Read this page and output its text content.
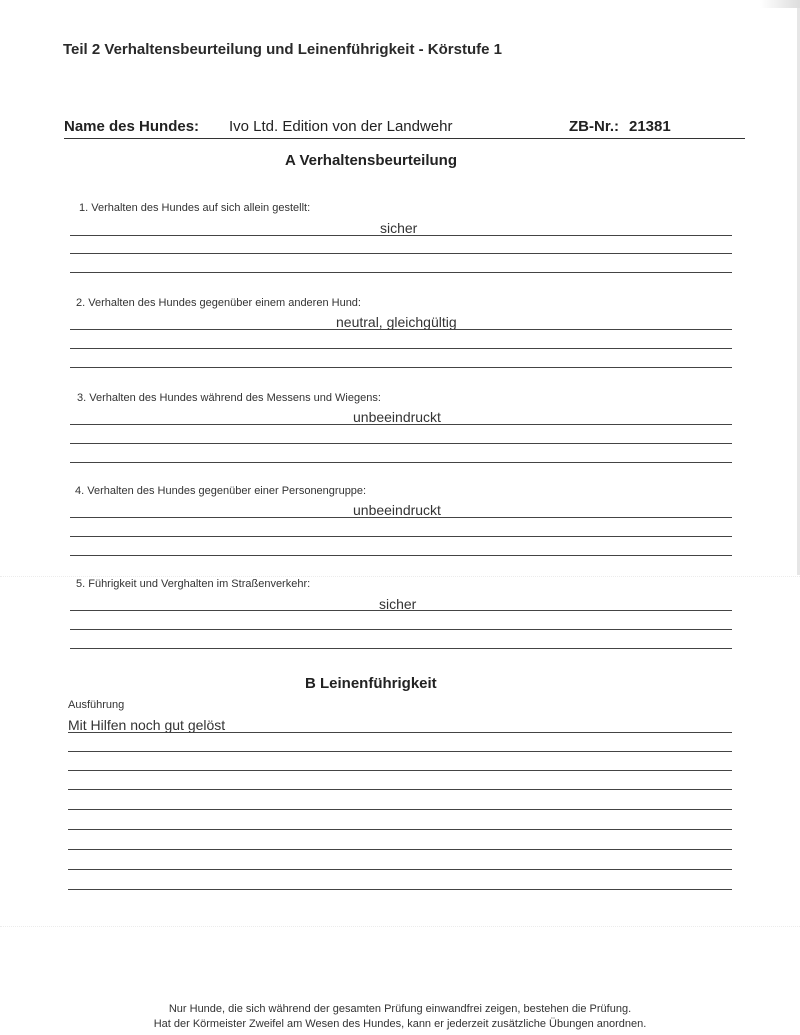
Teil 2 Verhaltensbeurteilung und Leinenführigkeit - Körstufe 1
Name des Hundes: Ivo Ltd. Edition von der Landwehr	ZB-Nr.: 21381
A Verhaltensbeurteilung
1. Verhalten des Hundes auf sich allein gestellt:
sicher
2. Verhalten des Hundes gegenüber einem anderen Hund:
neutral, gleichgültig
3. Verhalten des Hundes während des Messens und Wiegens:
unbeeindruckt
4. Verhalten des Hundes gegenüber einer Personengruppe:
unbeeindruckt
5. Führigkeit und Verghalten im Straßenverkehr:
sicher
B Leinenführigkeit
Ausführung
Mit Hilfen noch gut gelöst
Nur Hunde, die sich während der gesamten Prüfung einwandfrei zeigen, bestehen die Prüfung.
Hat der Körmeister Zweifel am Wesen des Hundes, kann er jederzeit zusätzliche Übungen anordnen.
